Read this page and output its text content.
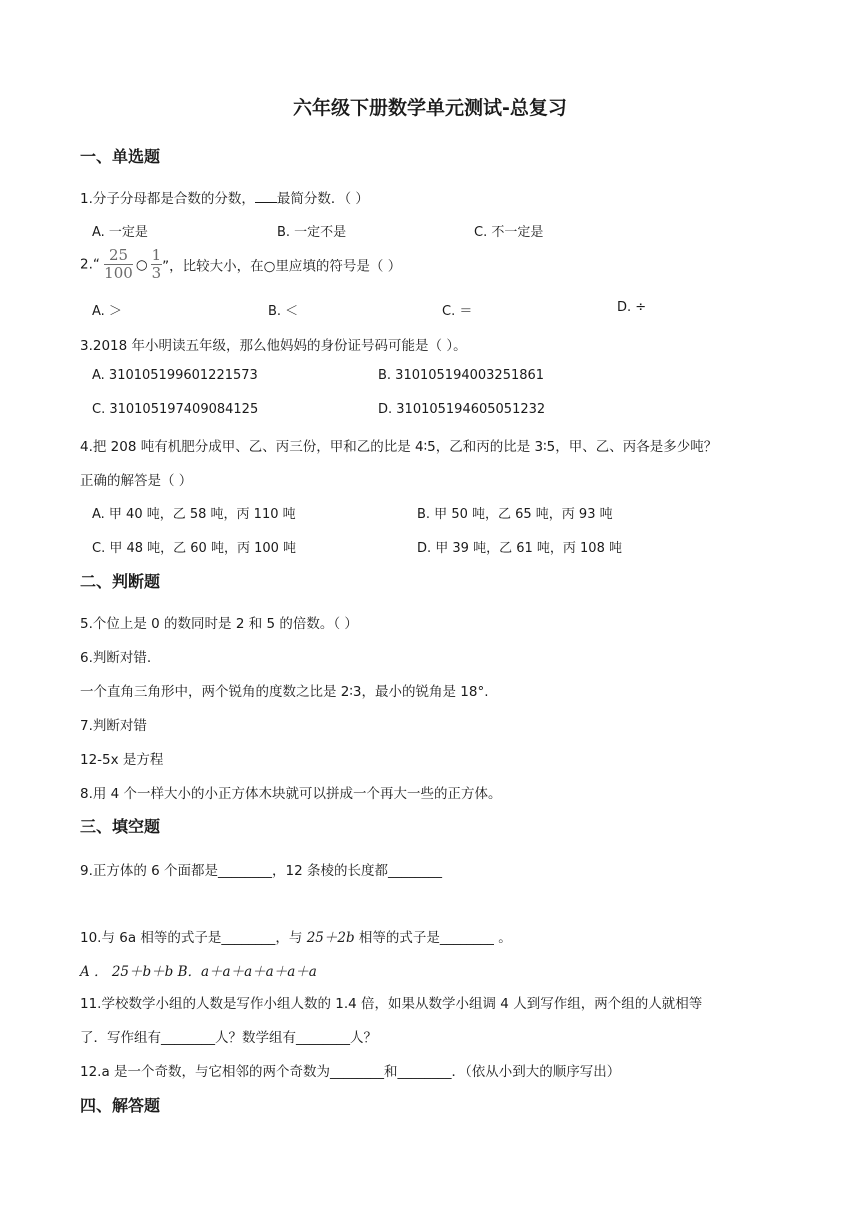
六年级下册数学单元测试-总复习
一、单选题
1.分子分母都是合数的分数， 最简分数．（ ）
A. 一定是	B. 一定不是	C. 不一定是
2.“ $\frac{25}{100}$ ○ $\frac{1}{3}$ ”，比较大小，在○里应填的符号是（ ）
A. ＞	B. ＜	C. ＝	D. ÷
3.2018 年小明读五年级，那么他妈妈的身份证号码可能是（ ）。
A. 310105199601221573	B. 310105194003251861
C. 310105197409084125	D. 310105194605051232
4.把 208 吨有机肥分成甲、乙、丙三份，甲和乙的比是 4∶5，乙和丙的比是 3∶5，甲、乙、丙各是多少吨？
正确的解答是（ ）
A. 甲 40 吨，乙 58 吨，丙 110 吨	B. 甲 50 吨，乙 65 吨，丙 93 吨
C. 甲 48 吨，乙 60 吨，丙 100 吨	D. 甲 39 吨，乙 61 吨，丙 108 吨
二、判断题
5.个位上是 0 的数同时是 2 和 5 的倍数。（ ）
6.判断对错.
一个直角三角形中，两个锐角的度数之比是 2∶3，最小的锐角是 18°.
7.判断对错
12-5x 是方程
8.用 4 个一样大小的小正方体木块就可以拼成一个再大一些的正方体。
三、填空题
9.正方体的 6 个面都是________，12 条棱的长度都________
10.与 6a 相等的式子是________，与 25＋2b 相等的式子是________ 。
A ． 25＋b＋b B．a＋a＋a＋a＋a＋a
11.学校数学小组的人数是写作小组人数的 1.4 倍，如果从数学小组调 4 人到写作组，两个组的人就相等
了．写作组有________人？数学组有________人？
12.a 是一个奇数，与它相邻的两个奇数为________和________．（依从小到大的顺序写出）
四、解答题
